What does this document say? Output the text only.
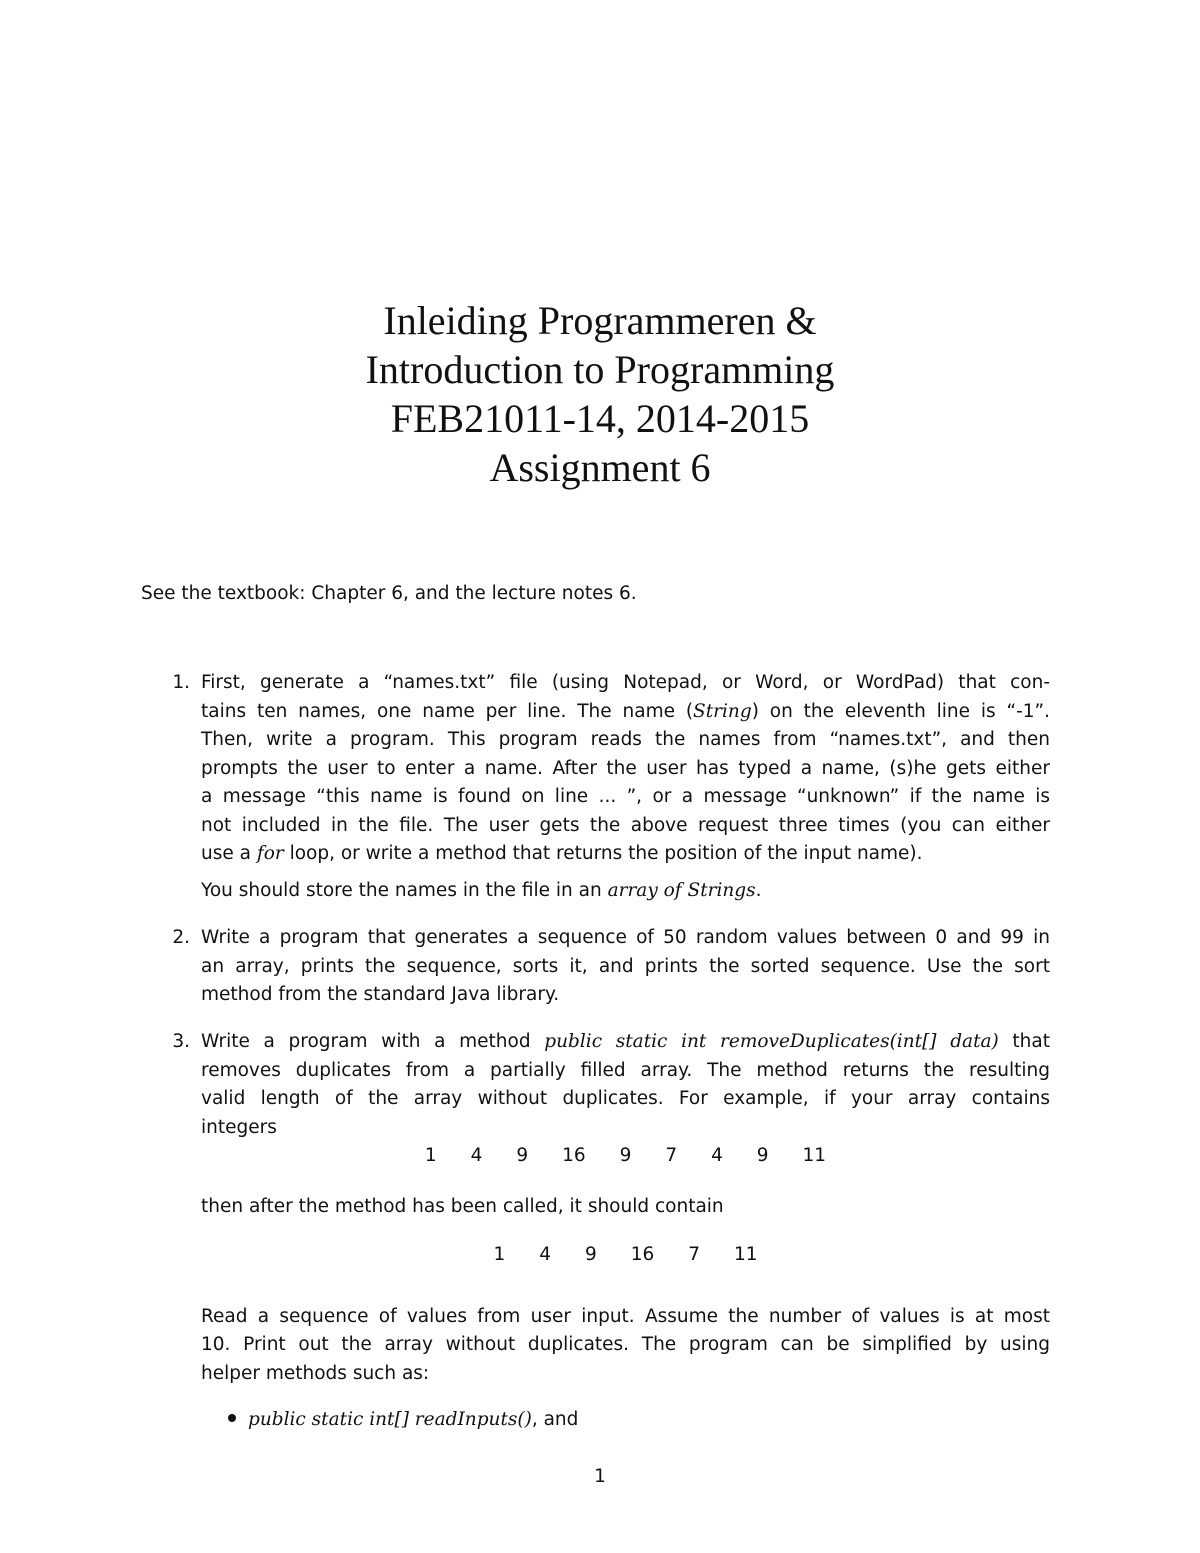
Inleiding Programmeren &
Introduction to Programming
FEB21011-14, 2014-2015
Assignment 6
See the textbook: Chapter 6, and the lecture notes 6.
1. First, generate a “names.txt” file (using Notepad, or Word, or WordPad) that con-
tains ten names, one name per line. The name (String) on the eleventh line is “-1”.
Then, write a program. This program reads the names from “names.txt”, and then
prompts the user to enter a name. After the user has typed a name, (s)he gets either
a message “this name is found on line ... ”, or a message “unknown” if the name is
not included in the file. The user gets the above request three times (you can either
use a for loop, or write a method that returns the position of the input name).
You should store the names in the file in an array of Strings.
2. Write a program that generates a sequence of 50 random values between 0 and 99 in
an array, prints the sequence, sorts it, and prints the sorted sequence. Use the sort
method from the standard Java library.
3. Write a program with a method public static int removeDuplicates(int[] data) that
removes duplicates from a partially filled array. The method returns the resulting
valid length of the array without duplicates. For example, if your array contains
integers
1  4  9  16  9  7  4  9  11
then after the method has been called, it should contain
1  4  9  16  7  11
Read a sequence of values from user input. Assume the number of values is at most
10. Print out the array without duplicates. The program can be simplified by using
helper methods such as:
public static int[] readInputs(), and
1
